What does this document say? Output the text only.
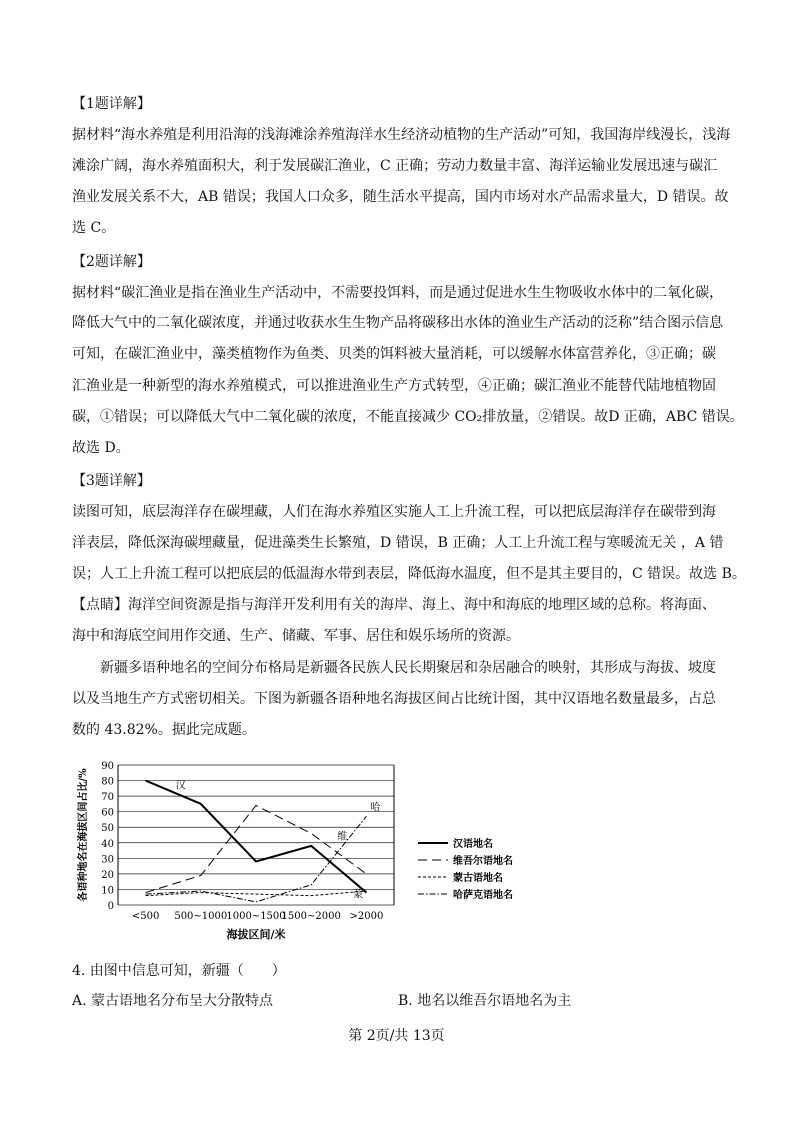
【1题详解】
据材料“海水养殖是利用沿海的浅海滩涂养殖海洋水生经济动植物的生产活动”可知，我国海岸线漫长，浅海
滩涂广阔，海水养殖面积大，利于发展碳汇渔业，C 正确；劳动力数量丰富、海洋运输业发展迅速与碳汇
渔业发展关系不大，AB 错误；我国人口众多，随生活水平提高，国内市场对水产品需求量大，D 错误。故
选 C。
【2题详解】
据材料“碳汇渔业是指在渔业生产活动中，不需要投饵料，而是通过促进水生生物吸收水体中的二氧化碳，
降低大气中的二氧化碳浓度，并通过收获水生生物产品将碳移出水体的渔业生产活动的泛称”结合图示信息
可知，在碳汇渔业中，藻类植物作为鱼类、贝类的饵料被大量消耗，可以缓解水体富营养化，③正确；碳
汇渔业是一种新型的海水养殖模式，可以推进渔业生产方式转型，④正确；碳汇渔业不能替代陆地植物固
碳，①错误；可以降低大气中二氧化碳的浓度，不能直接减少 CO₂排放量，②错误。故D 正确，ABC 错误。
故选 D。
【3题详解】
读图可知，底层海洋存在碳埋藏，人们在海水养殖区实施人工上升流工程，可以把底层海洋存在碳带到海
洋表层，降低深海碳埋藏量，促进藻类生长繁殖，D 错误，B 正确；人工上升流工程与寒暖流无关 ，A 错
误；人工上升流工程可以把底层的低温海水带到表层，降低海水温度，但不是其主要目的，C 错误。故选 B。
【点睛】海洋空间资源是指与海洋开发利用有关的海岸、海上、海中和海底的地理区域的总称。将海面、
海中和海底空间用作交通、生产、储藏、军事、居住和娱乐场所的资源。
新疆多语种地名的空间分布格局是新疆各民族人民长期聚居和杂居融合的映射，其形成与海拔、坡度
以及当地生产方式密切相关。下图为新疆各语种地名海拔区间占比统计图，其中汉语地名数量最多，占总
数的 43.82%。据此完成题。
0
10
20
30
40
50
60
70
80
90
<500 500~1000 1000~1500
1500~2000 >2000
海拔区间/米
各语种地名在海拔区间占比/%	汉语地名
维吾尔语地名
蒙古语地名
哈萨克语地名
汉
维
蒙
哈
4. 由图中信息可知，新疆（　　）
A. 蒙古语地名分布呈大分散特点	B. 地名以维吾尔语地名为主
第 2页/共 13页
